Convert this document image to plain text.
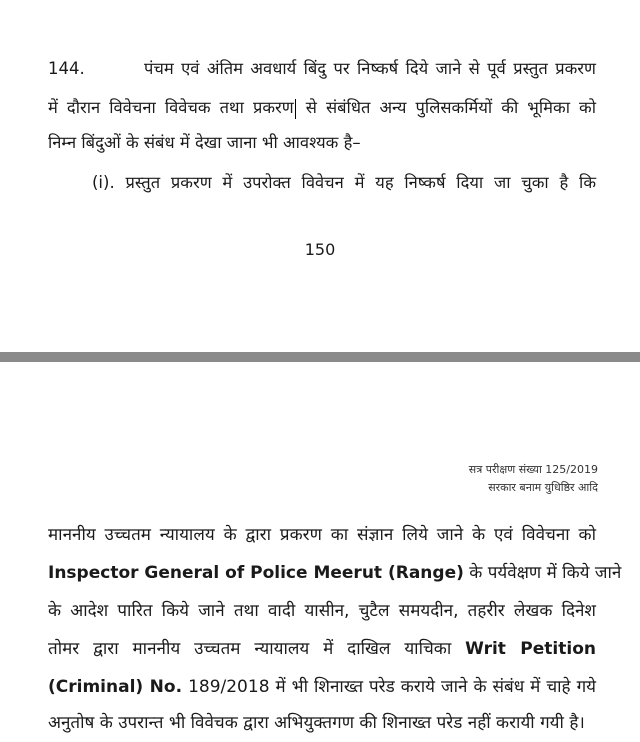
144.	पंचम एवं अंतिम अवधार्य बिंदु पर निष्कर्ष दिये जाने से पूर्व प्रस्तुत प्रकरण
में दौरान विवेचना विवेचक तथा प्रकरण से संबंधित अन्य पुलिसकर्मियों की भूमिका को
निम्न बिंदुओं के संबंध में देखा जाना भी आवश्यक है–
(i). प्रस्तुत प्रकरण में उपरोक्त विवेचन में यह निष्कर्ष दिया जा चुका है कि
150
सत्र परीक्षण संख्या 125/2019
सरकार बनाम युधिष्ठिर आदि
माननीय उच्चतम न्यायालय के द्वारा प्रकरण का संज्ञान लिये जाने के एवं विवेचना को
Inspector General of Police Meerut (Range) के पर्यवेक्षण में किये जाने
के आदेश पारित किये जाने तथा वादी यासीन, चुटैल समयदीन, तहरीर लेखक दिनेश
तोमर द्वारा माननीय उच्चतम न्यायालय में दाखिल याचिका Writ Petition
(Criminal) No. 189/2018 में भी शिनाख्त परेड कराये जाने के संबंध में चाहे गये
अनुतोष के उपरान्त भी विवेचक द्वारा अभियुक्तगण की शिनाख्त परेड नहीं करायी गयी है।
